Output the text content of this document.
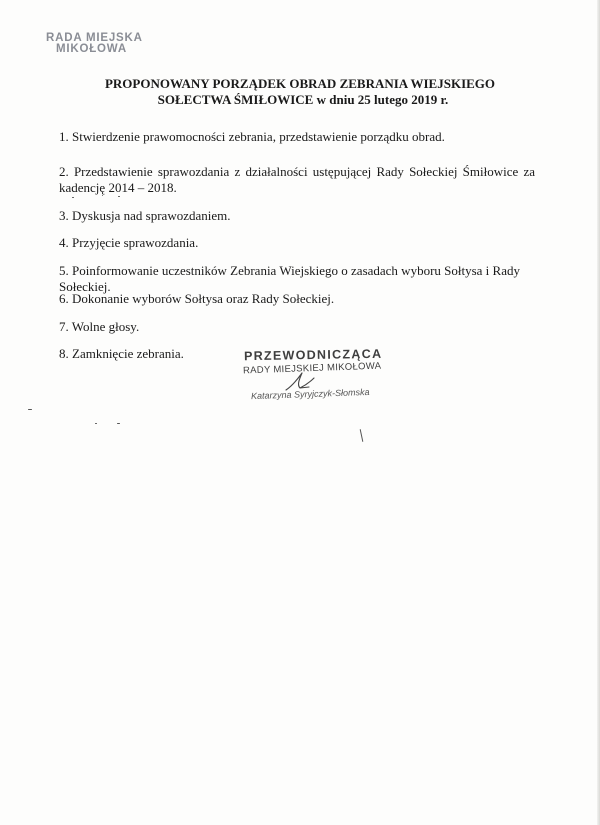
RADA MIEJSKA
MIKOŁOWA
PROPONOWANY PORZĄDEK OBRAD ZEBRANIA WIEJSKIEGO
SOŁECTWA ŚMIŁOWICE w dniu 25 lutego 2019 r.
1. Stwierdzenie prawomocności zebrania, przedstawienie porządku obrad.
2. Przedstawienie sprawozdania z działalności ustępującej Rady Sołeckiej Śmiłowice za kadencję 2014 – 2018.
3. Dyskusja nad sprawozdaniem.
4. Przyjęcie sprawozdania.
5. Poinformowanie uczestników Zebrania Wiejskiego o zasadach wyboru Sołtysa i Rady Sołeckiej.
6. Dokonanie wyborów Sołtysa oraz Rady Sołeckiej.
7. Wolne głosy.
8. Zamknięcie zebrania.	PRZEWODNICZĄCA
RADY MIEJSKIEJ MIKOŁOWA
Katarzyna Syryjczyk-Słomska
